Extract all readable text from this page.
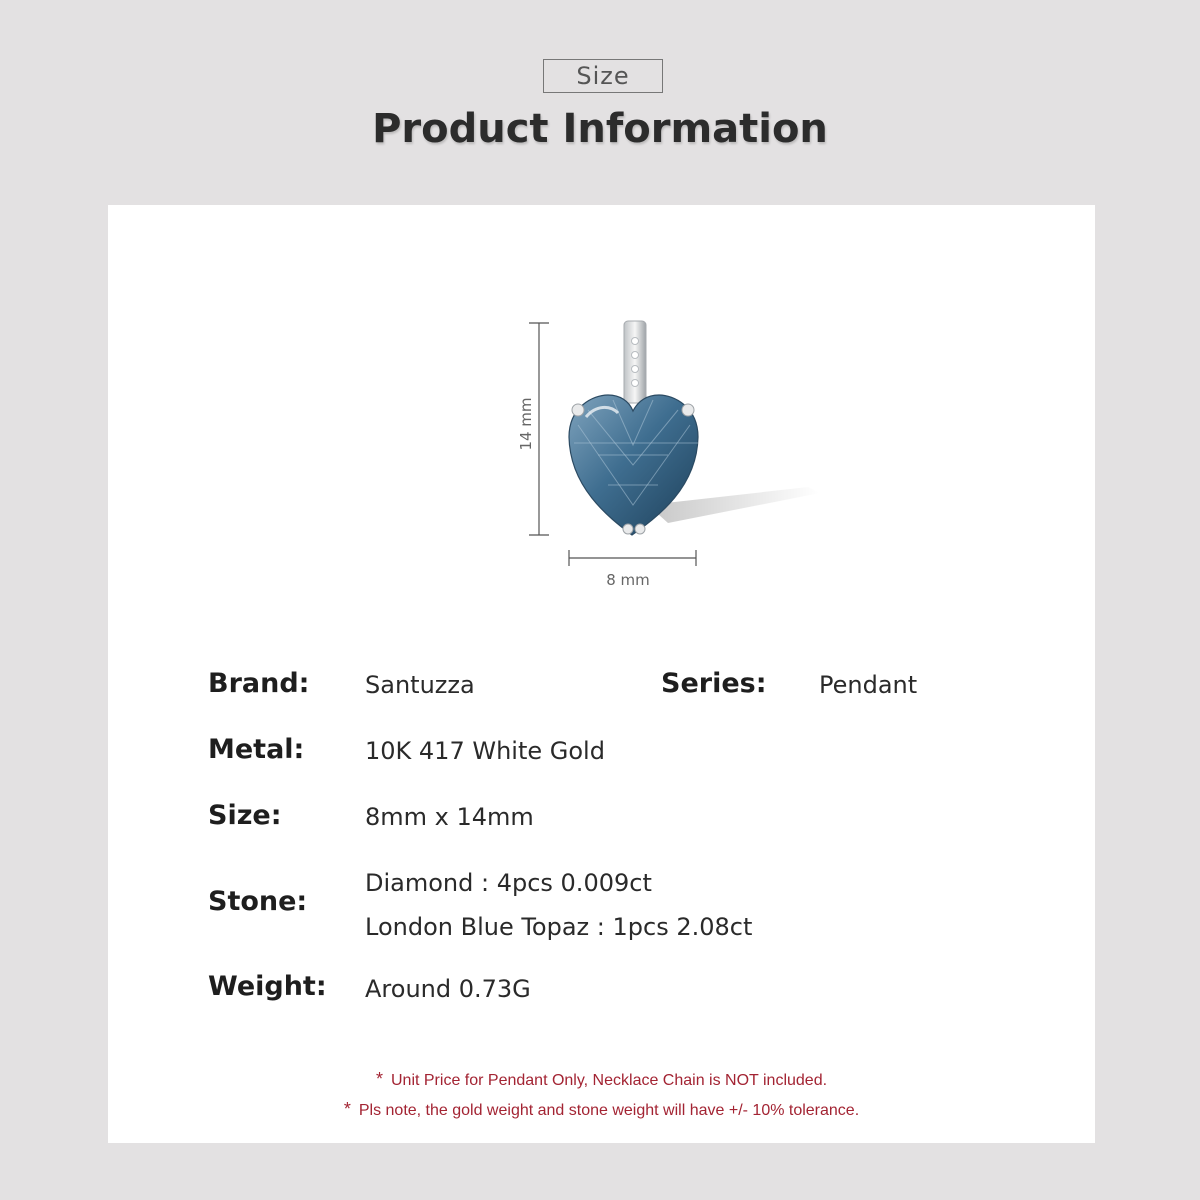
Size
Product Information
14 mm
8 mm
Brand: Santuzza	Series: Pendant
Metal:	10K 417 White Gold
Size:	8mm x 14mm
Stone:
Diamond : 4pcs 0.009ct
London Blue Topaz : 1pcs 2.08ct
Weight: Around 0.73G
* Unit Price for Pendant Only, Necklace Chain is NOT included.
* Pls note, the gold weight and stone weight will have +/- 10% tolerance.
